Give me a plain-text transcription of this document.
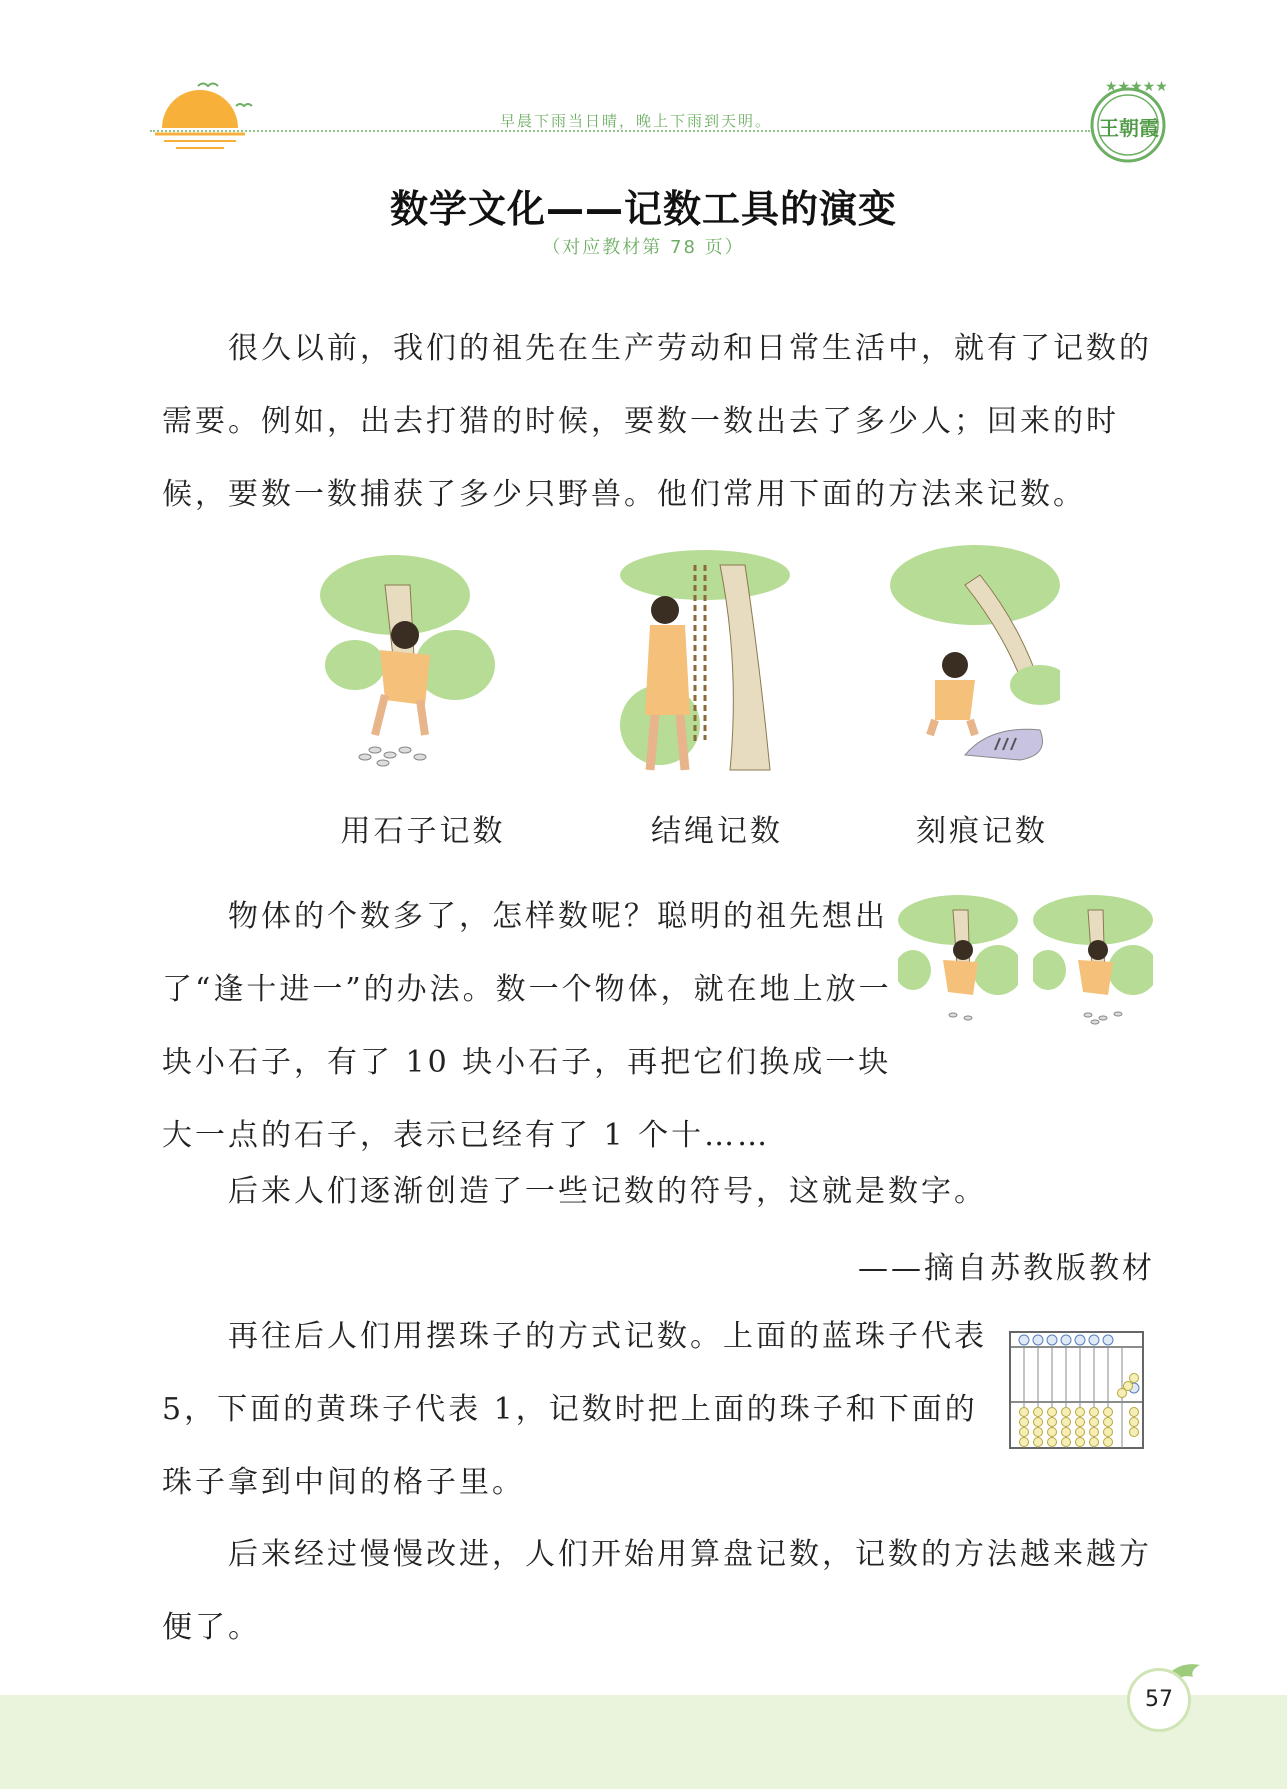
早晨下雨当日晴，晚上下雨到天明。
★★★★★
王朝霞
数学文化——记数工具的演变
（对应教材第 78 页）
很久以前，我们的祖先在生产劳动和日常生活中，就有了记数的需要。例如，出去打猎的时候，要数一数出去了多少人；回来的时候，要数一数捕获了多少只野兽。他们常用下面的方法来记数。
用石子记数	结绳记数	刻痕记数
物体的个数多了，怎样数呢？聪明的祖先想出了“逢十进一”的办法。数一个物体，就在地上放一块小石子，有了 10 块小石子，再把它们换成一块大一点的石子，表示已经有了 1 个十……
后来人们逐渐创造了一些记数的符号，这就是数字。
——摘自苏教版教材
再往后人们用摆珠子的方式记数。上面的蓝珠子代表 5，下面的黄珠子代表 1，记数时把上面的珠子和下面的珠子拿到中间的格子里。
后来经过慢慢改进，人们开始用算盘记数，记数的方法越来越方便了。
57
